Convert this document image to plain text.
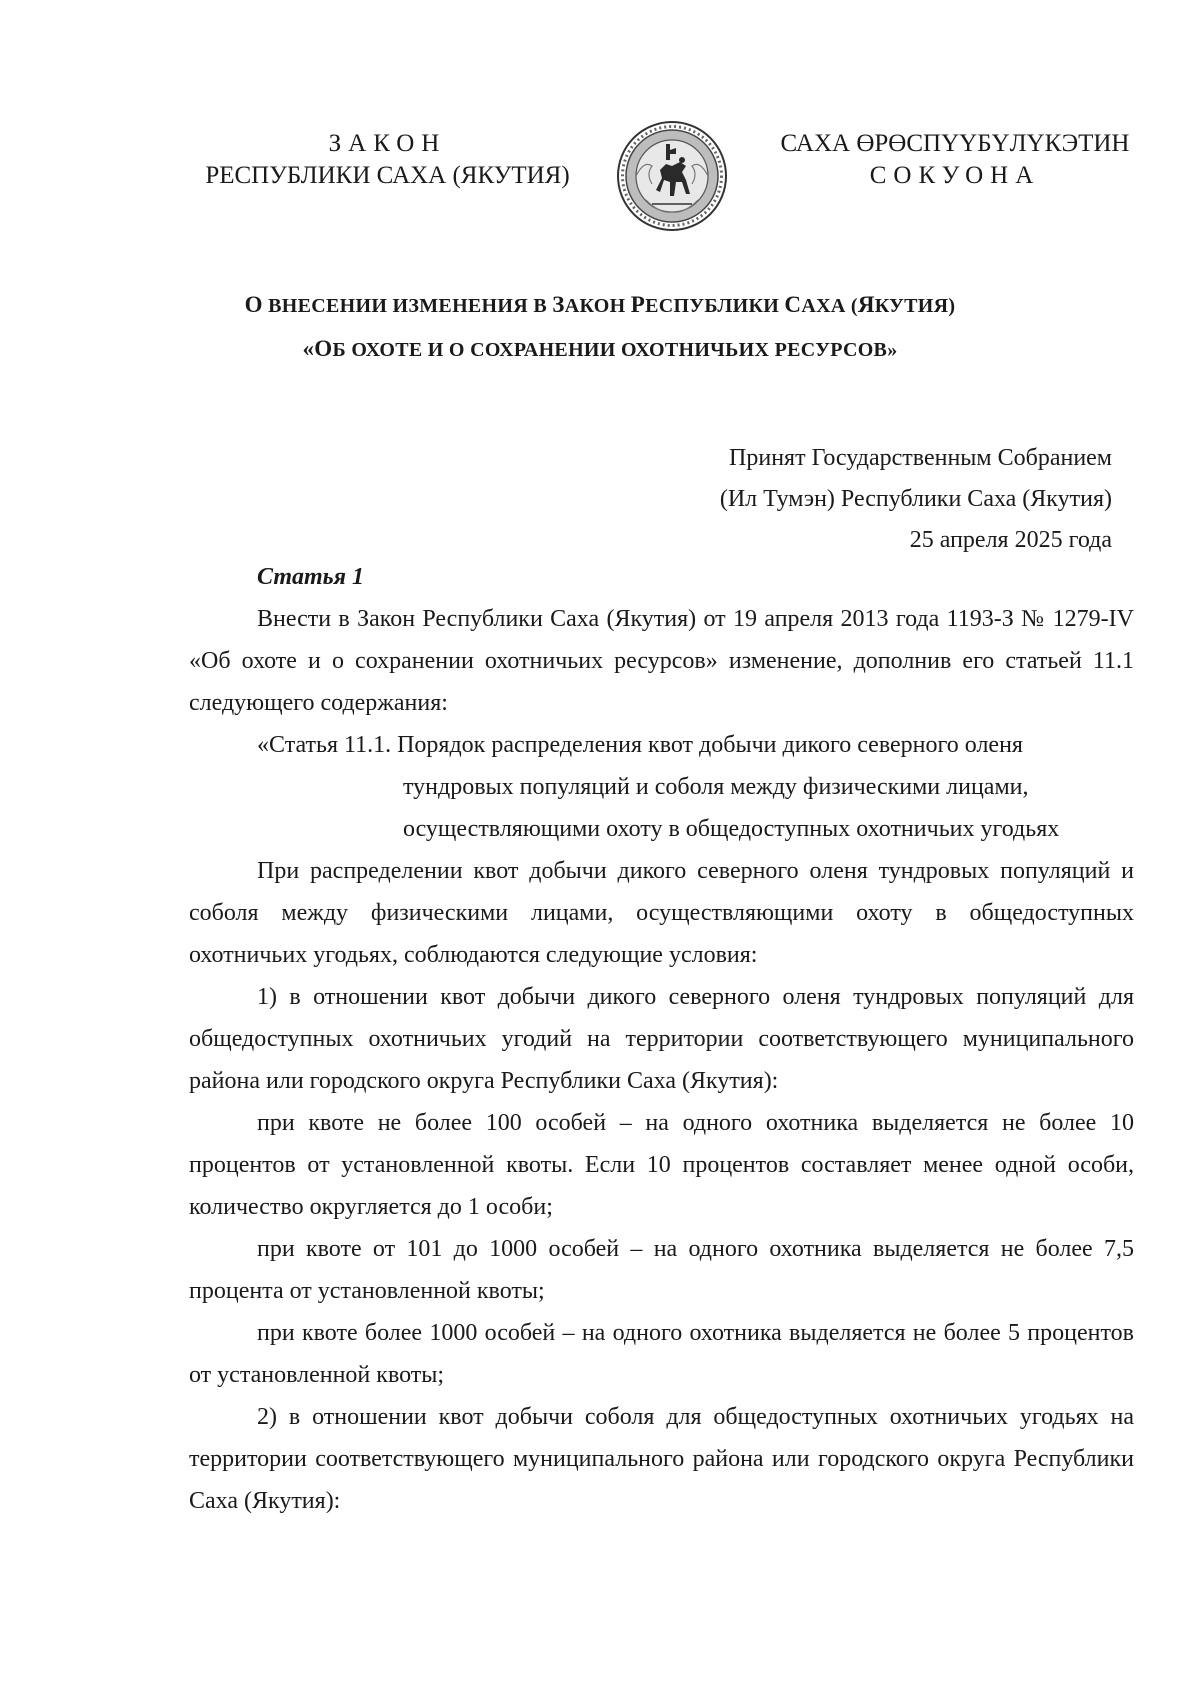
ЗАКОН
РЕСПУБЛИКИ САХА (ЯКУТИЯ)
САХА ӨРӨСПҮҮБҮЛҮКЭТИН
СОКУОНА
О ВНЕСЕНИИ ИЗМЕНЕНИЯ В ЗАКОН РЕСПУБЛИКИ САХА (ЯКУТИЯ)
«ОБ ОХОТЕ И О СОХРАНЕНИИ ОХОТНИЧЬИХ РЕСУРСОВ»
Принят Государственным Собранием
(Ил Тумэн) Республики Саха (Якутия)
25 апреля 2025 года

Статья 1

Внести в Закон Республики Саха (Якутия) от 19 апреля 2013 года 1193-З № 1279-IV «Об охоте и о сохранении охотничьих ресурсов» изменение, дополнив его статьей 11.1 следующего содержания:

«Статья 11.1. Порядок распределения квот добычи дикого северного оленя
тундровых популяций и соболя между физическими лицами,
осуществляющими охоту в общедоступных охотничьих угодьях

При распределении квот добычи дикого северного оленя тундровых популяций и соболя между физическими лицами, осуществляющими охоту в общедоступных охотничьих угодьях, соблюдаются следующие условия:

1) в отношении квот добычи дикого северного оленя тундровых популяций для общедоступных охотничьих угодий на территории соответствующего муниципального района или городского округа Республики Саха (Якутия):

при квоте не более 100 особей – на одного охотника выделяется не более 10 процентов от установленной квоты. Если 10 процентов составляет менее одной особи, количество округляется до 1 особи;

при квоте от 101 до 1000 особей – на одного охотника выделяется не более 7,5 процента от установленной квоты;

при квоте более 1000 особей – на одного охотника выделяется не более 5 процентов от установленной квоты;

2) в отношении квот добычи соболя для общедоступных охотничьих угодьях на территории соответствующего муниципального района или городского округа Республики Саха (Якутия):
